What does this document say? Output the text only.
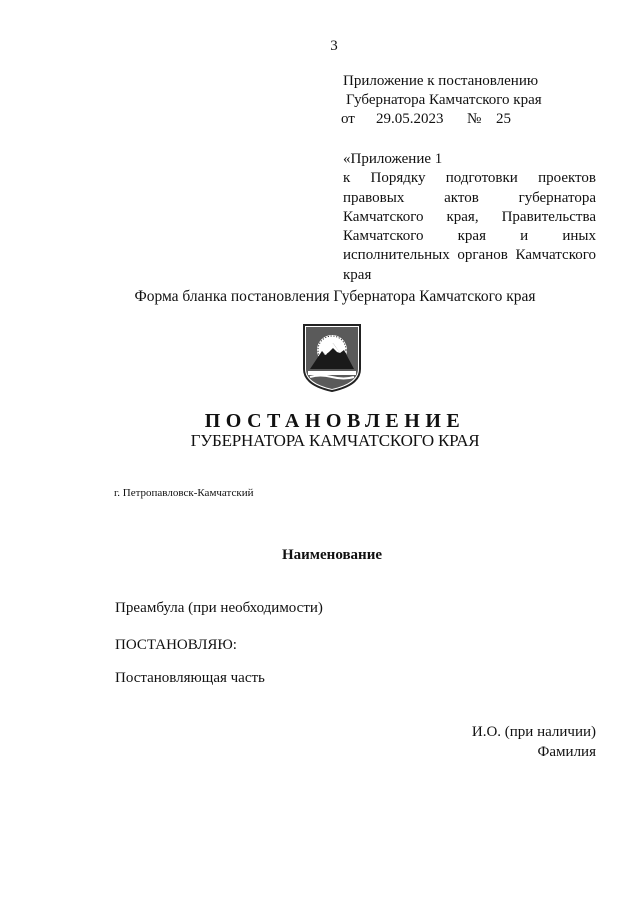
3
Приложение к постановлению
Губернатора Камчатского края
от 29.05.2023 № 25
«Приложение 1
к Порядку подготовки проектов
правовых актов губернатора
Камчатского края, Правительства
Камчатского края и иных
исполнительных органов Камчатского
края
Форма бланка постановления Губернатора Камчатского края
ПОСТАНОВЛЕНИЕ
ГУБЕРНАТОРА КАМЧАТСКОГО КРАЯ
г. Петропавловск-Камчатский
Наименование
Преамбула (при необходимости)
ПОСТАНОВЛЯЮ:
Постановляющая часть
И.О. (при наличии)
Фамилия
